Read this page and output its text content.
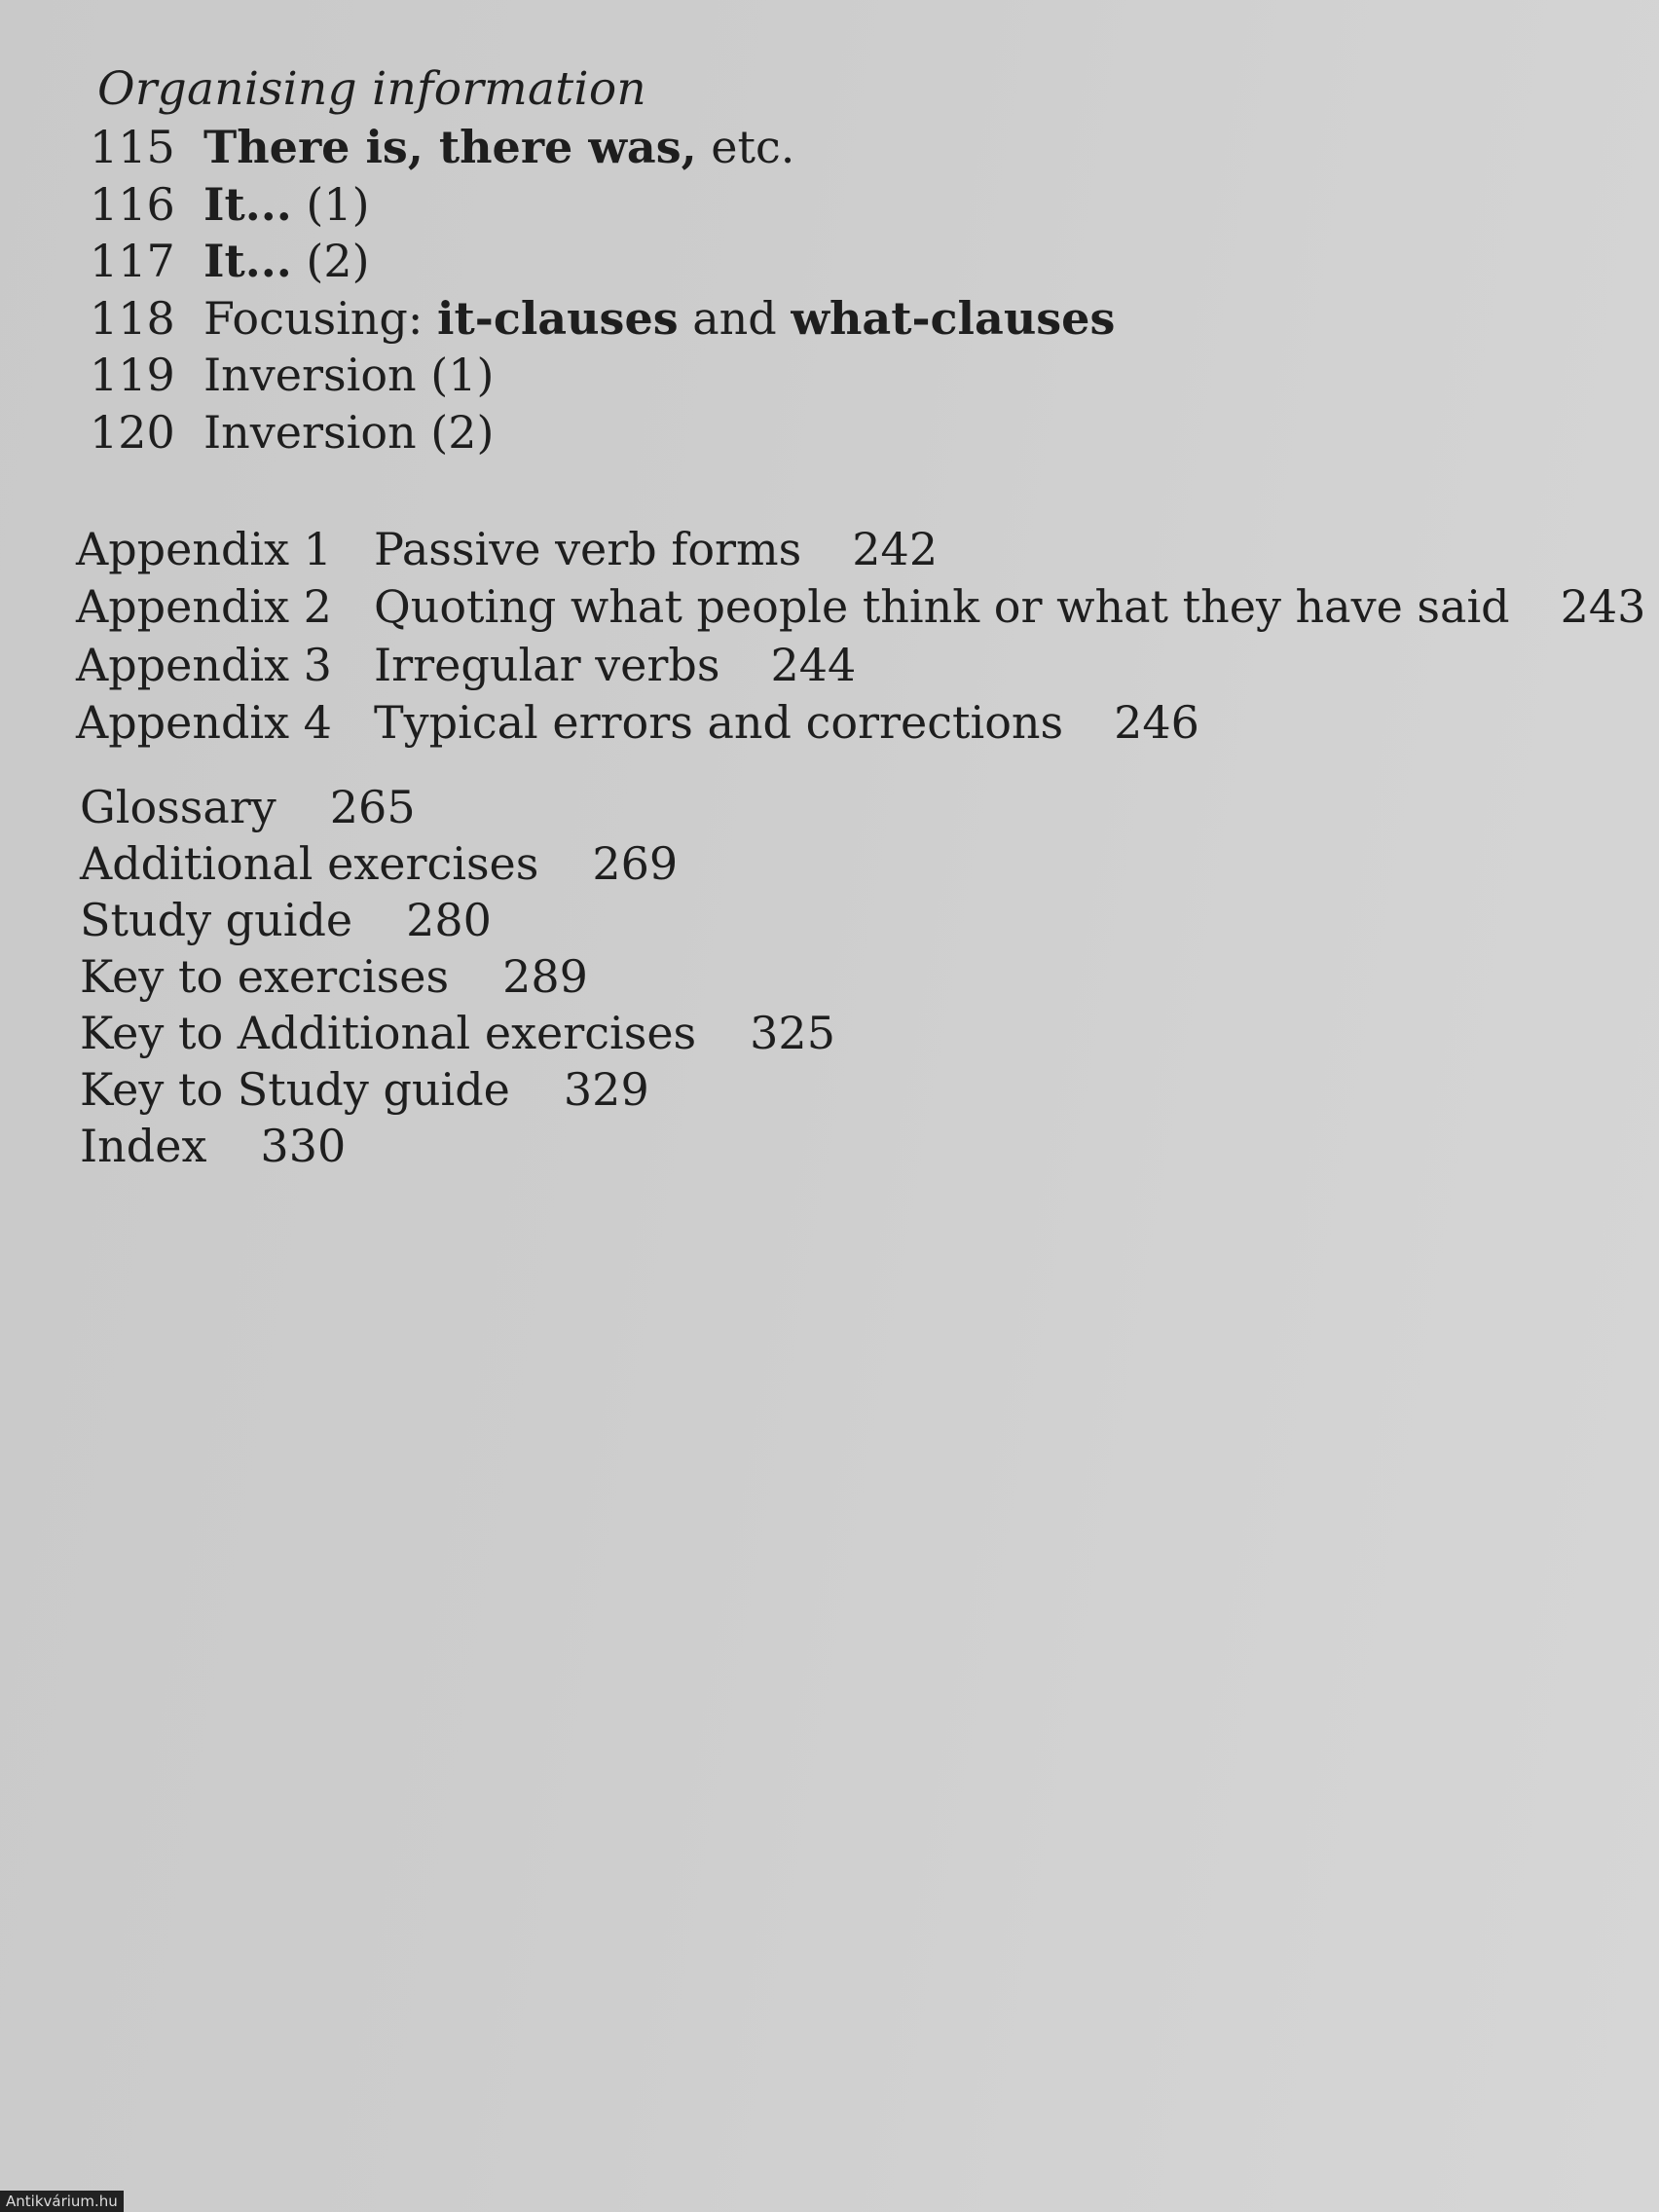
Organising information
115 There is, there was, etc.
116 It... (1)
117 It... (2)
118 Focusing: it-clauses and what-clauses
119 Inversion (1)
120 Inversion (2)
Appendix 1 Passive verb forms 242
Appendix 2 Quoting what people think or what they have said 243
Appendix 3 Irregular verbs 244
Appendix 4 Typical errors and corrections 246
Glossary 265
Additional exercises 269
Study guide 280
Key to exercises 289
Key to Additional exercises 325
Key to Study guide 329
Index 330
Antikvárium.hu
